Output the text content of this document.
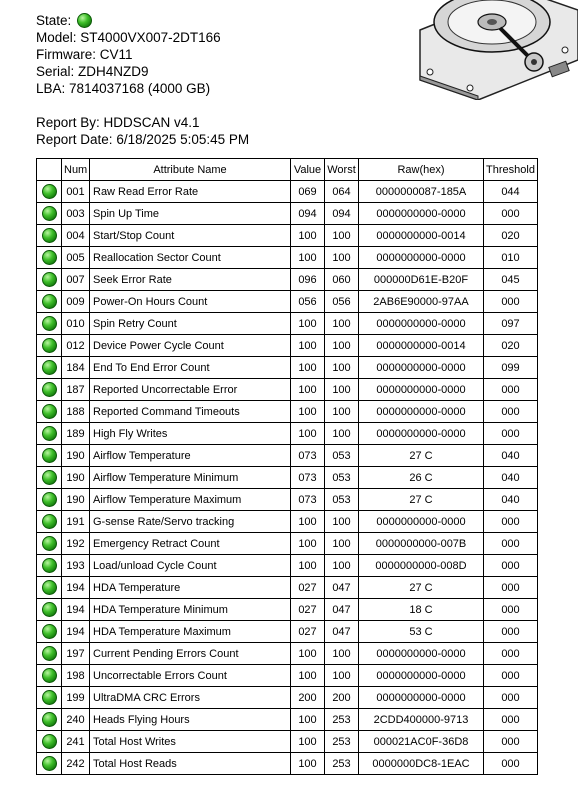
State:
Model: ST4000VX007-2DT166
Firmware: CV11
Serial: ZDH4NZD9
LBA: 7814037168 (4000 GB)
Report By: HDDSCAN v4.1
Report Date: 6/18/2025 5:05:45 PM
	Num	Attribute Name	Value	Worst	Raw(hex)	Threshold
	001	Raw Read Error Rate	069	064	0000000087-185A	044
	003	Spin Up Time	094	094	0000000000-0000	000
	004	Start/Stop Count	100	100	0000000000-0014	020
	005	Reallocation Sector Count	100	100	0000000000-0000	010
	007	Seek Error Rate	096	060	000000D61E-B20F	045
	009	Power-On Hours Count	056	056	2AB6E90000-97AA	000
	010	Spin Retry Count	100	100	0000000000-0000	097
	012	Device Power Cycle Count	100	100	0000000000-0014	020
	184	End To End Error Count	100	100	0000000000-0000	099
	187	Reported Uncorrectable Error	100	100	0000000000-0000	000
	188	Reported Command Timeouts	100	100	0000000000-0000	000
	189	High Fly Writes	100	100	0000000000-0000	000
	190	Airflow Temperature	073	053	27 C	040
	190	Airflow Temperature Minimum	073	053	26 C	040
	190	Airflow Temperature Maximum	073	053	27 C	040
	191	G-sense Rate/Servo tracking	100	100	0000000000-0000	000
	192	Emergency Retract Count	100	100	0000000000-007B	000
	193	Load/unload Cycle Count	100	100	0000000000-008D	000
	194	HDA Temperature	027	047	27 C	000
	194	HDA Temperature Minimum	027	047	18 C	000
	194	HDA Temperature Maximum	027	047	53 C	000
	197	Current Pending Errors Count	100	100	0000000000-0000	000
	198	Uncorrectable Errors Count	100	100	0000000000-0000	000
	199	UltraDMA CRC Errors	200	200	0000000000-0000	000
	240	Heads Flying Hours	100	253	2CDD400000-9713	000
	241	Total Host Writes	100	253	000021AC0F-36D8	000
	242	Total Host Reads	100	253	0000000DC8-1EAC	000
